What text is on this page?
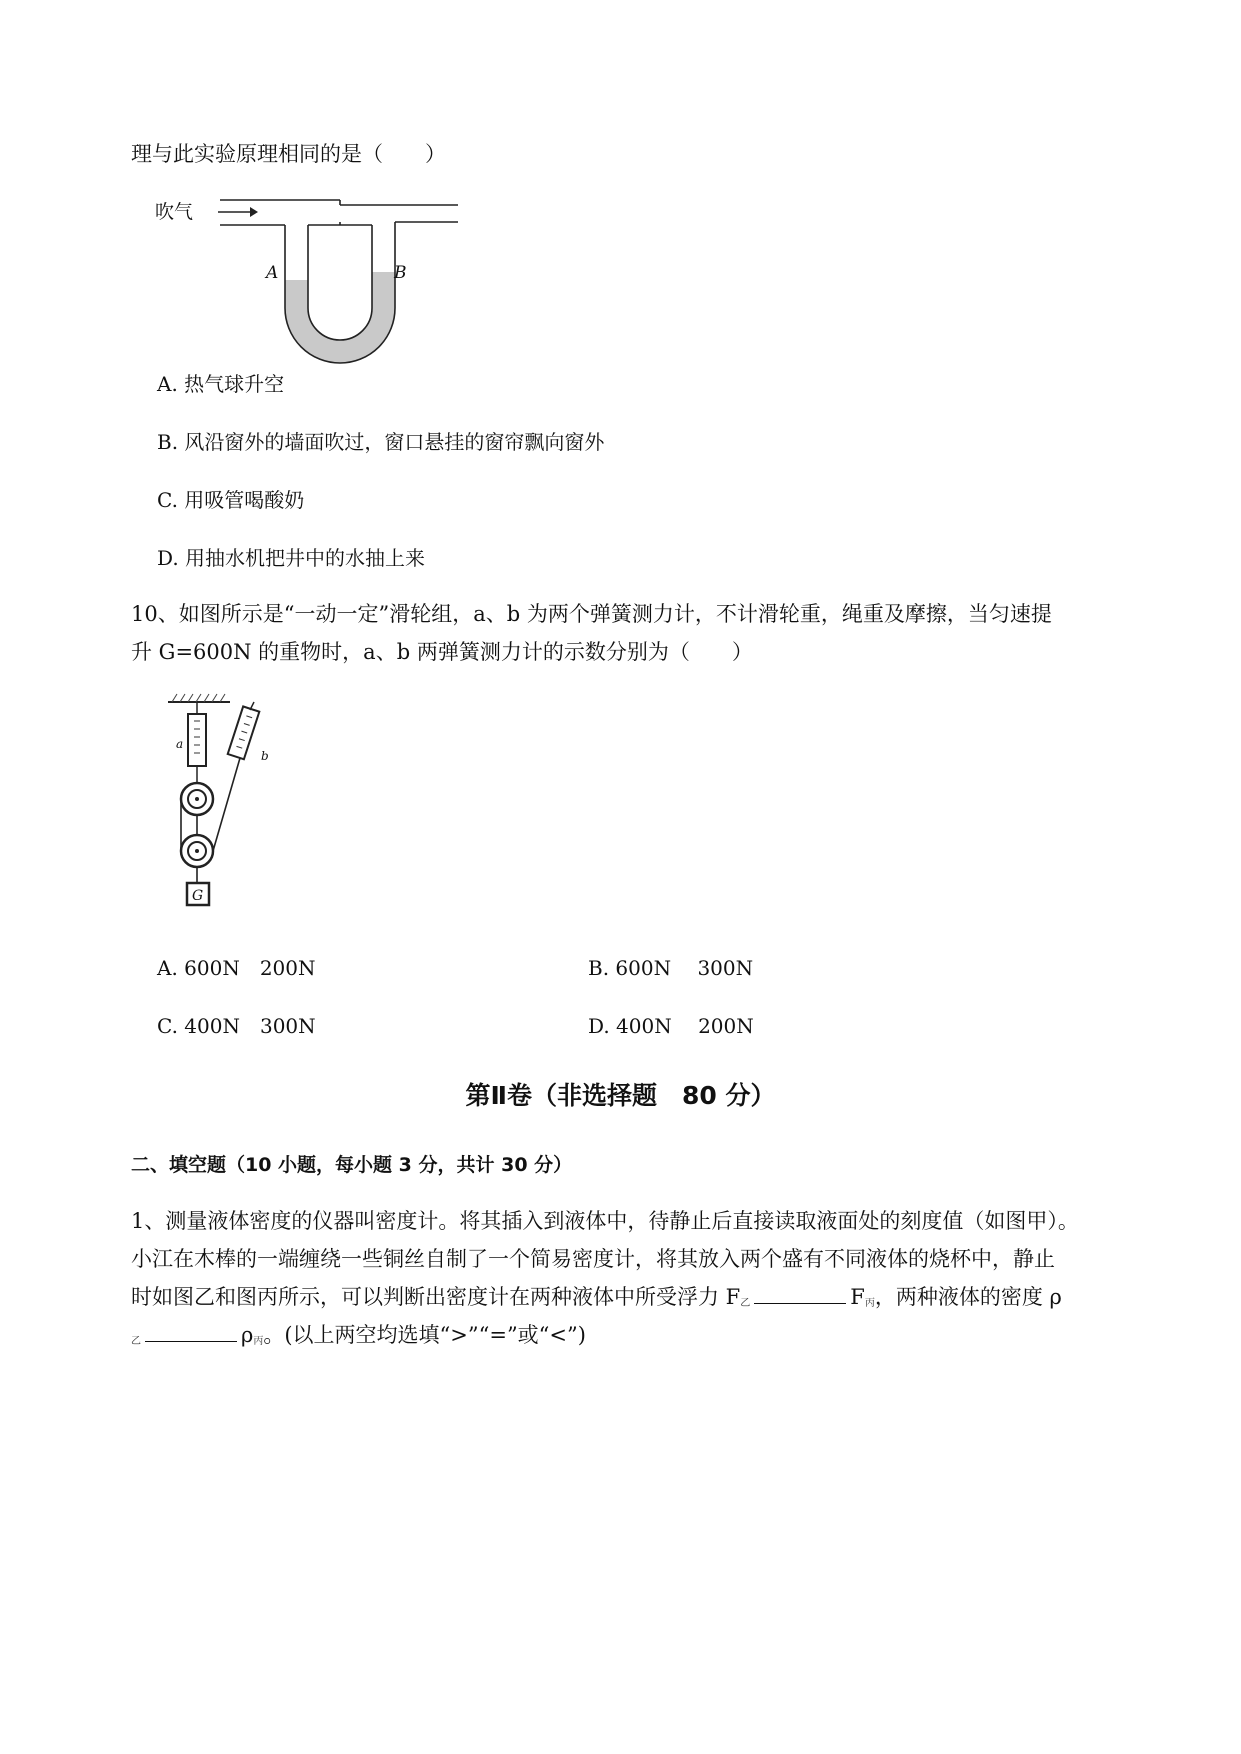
理与此实验原理相同的是（　　）
吹气
A	B
A. 热气球升空
B. 风沿窗外的墙面吹过，窗口悬挂的窗帘飘向窗外
C. 用吸管喝酸奶
D. 用抽水机把井中的水抽上来
10、如图所示是“一动一定”滑轮组，a、b 为两个弹簧测力计，不计滑轮重，绳重及摩擦，当匀速提
升 G=600N 的重物时，a、b 两弹簧测力计的示数分别为（　　）
a
b
G
A. 600N　200N	B. 600N　 300N
C. 400N　300N	D. 400N　 200N
第Ⅱ卷（非选择题　80 分）
二、填空题（10 小题，每小题 3 分，共计 30 分）
1、测量液体密度的仪器叫密度计。将其插入到液体中，待静止后直接读取液面处的刻度值（如图甲）。
小江在木棒的一端缠绕一些铜丝自制了一个简易密度计，将其放入两个盛有不同液体的烧杯中，静止
时如图乙和图丙所示，可以判断出密度计在两种液体中所受浮力 $F_乙$	$F_丙$，两种液体的密度 ρ
$_乙$	$\rho_丙$。(以上两空均选填“>”“=”或“<”)
